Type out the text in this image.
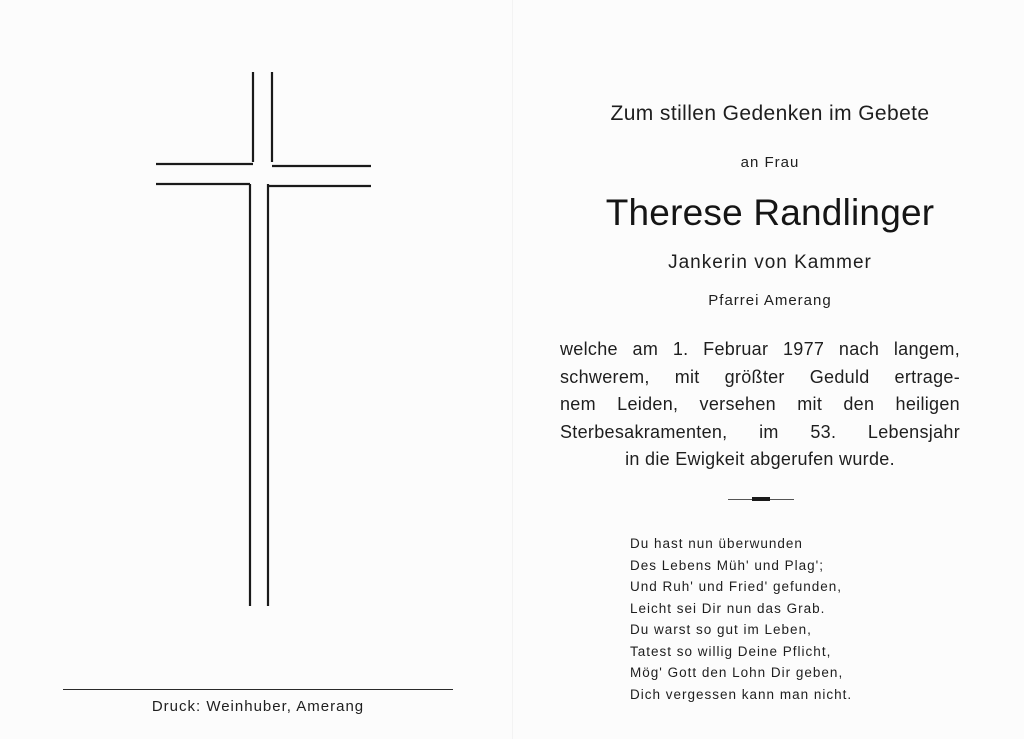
Druck: Weinhuber, Amerang
Zum stillen Gedenken im Gebete
an Frau
Therese Randlinger
Jankerin von Kammer
Pfarrei Amerang
welche am 1. Februar 1977 nach langem,
schwerem, mit größter Geduld ertrage-
nem Leiden, versehen mit den heiligen
Sterbesakramenten, im 53. Lebensjahr
in die Ewigkeit abgerufen wurde.
Du hast nun überwunden
Des Lebens Müh' und Plag';
Und Ruh' und Fried' gefunden,
Leicht sei Dir nun das Grab.
Du warst so gut im Leben,
Tatest so willig Deine Pflicht,
Mög' Gott den Lohn Dir geben,
Dich vergessen kann man nicht.
